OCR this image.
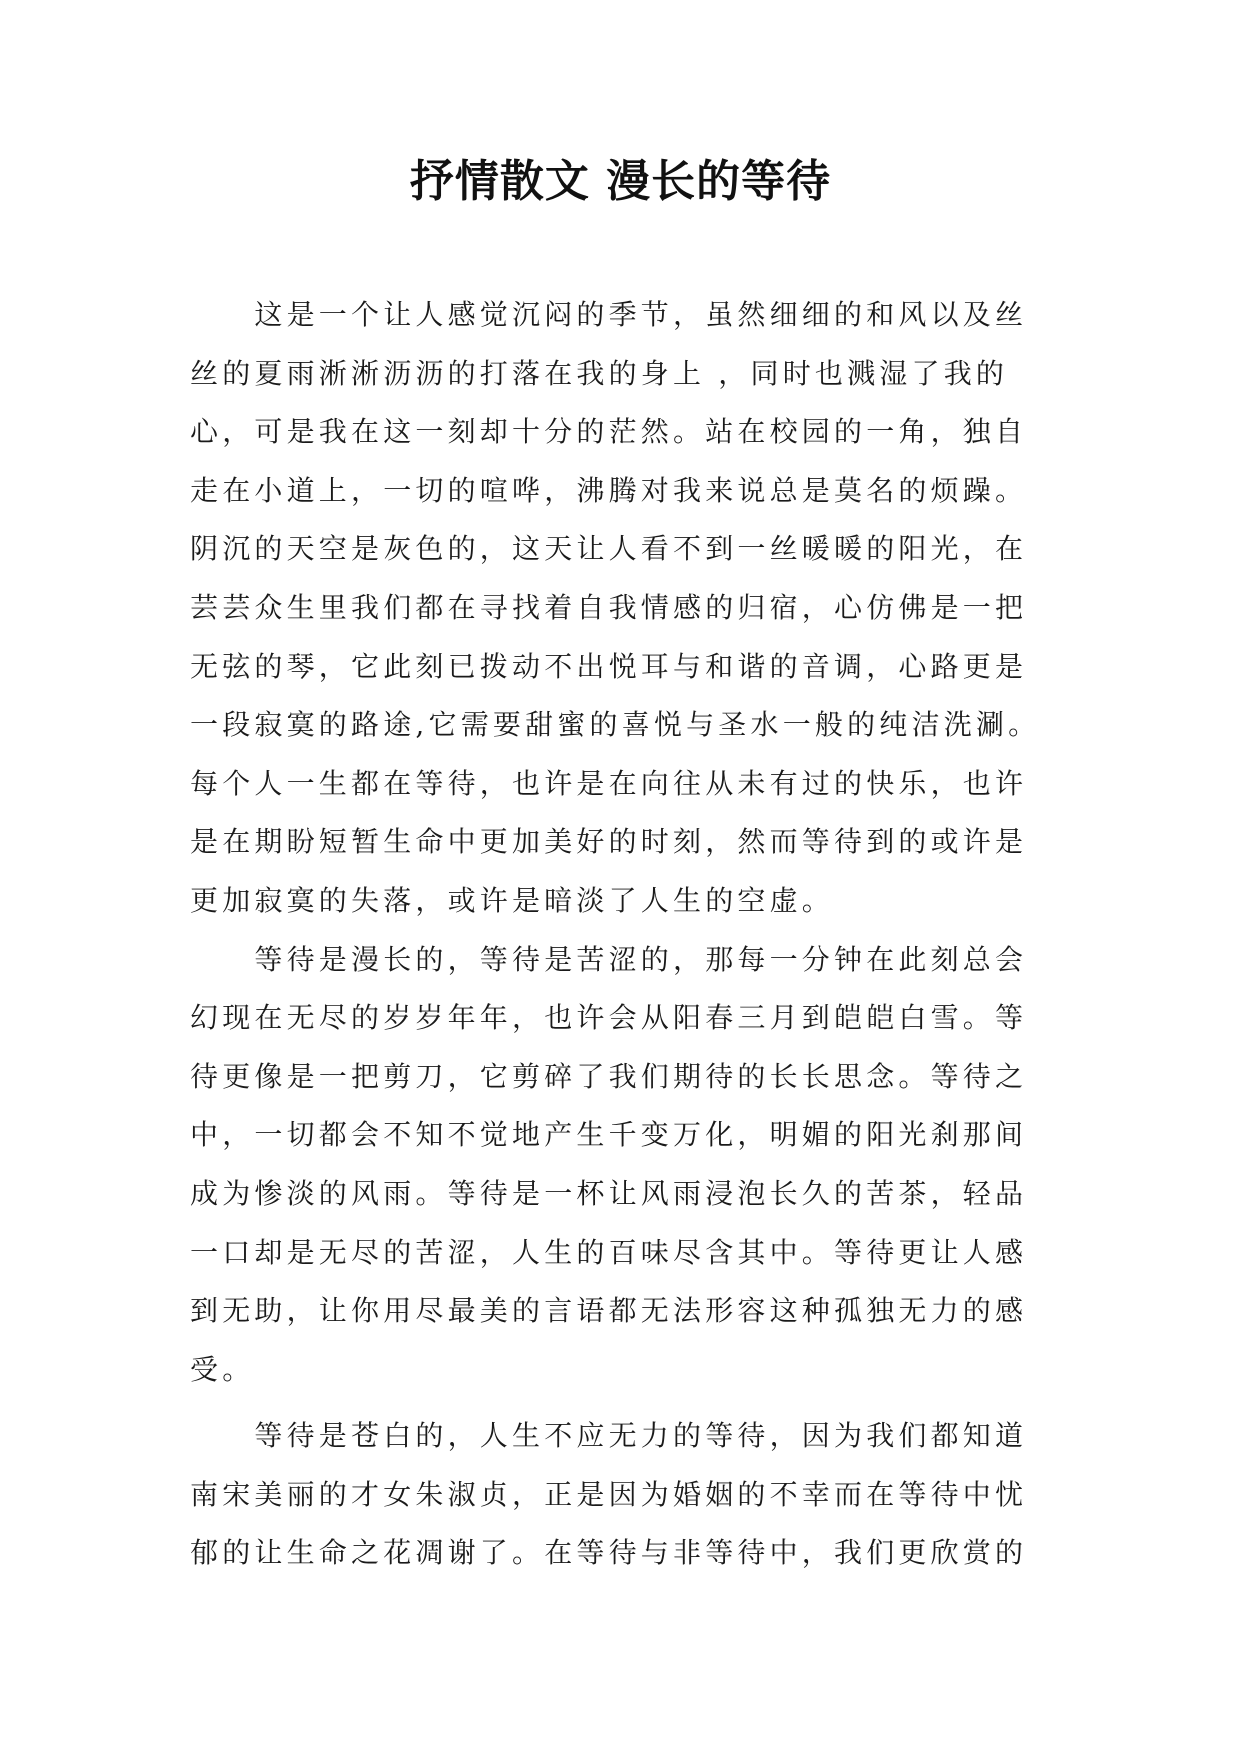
抒情散文 漫长的等待
　　这是一个让人感觉沉闷的季节，虽然细细的和风以及丝
丝的夏雨淅淅沥沥的打落在我的身上 ，同时也溅湿了我的
心，可是我在这一刻却十分的茫然。站在校园的一角，独自
走在小道上，一切的喧哗，沸腾对我来说总是莫名的烦躁。
阴沉的天空是灰色的，这天让人看不到一丝暖暖的阳光，在
芸芸众生里我们都在寻找着自我情感的归宿，心仿佛是一把
无弦的琴，它此刻已拨动不出悦耳与和谐的音调，心路更是
一段寂寞的路途,它需要甜蜜的喜悦与圣水一般的纯洁洗涮。
每个人一生都在等待，也许是在向往从未有过的快乐，也许
是在期盼短暂生命中更加美好的时刻，然而等待到的或许是
更加寂寞的失落，或许是暗淡了人生的空虚。
　　等待是漫长的，等待是苦涩的，那每一分钟在此刻总会
幻现在无尽的岁岁年年，也许会从阳春三月到皑皑白雪。等
待更像是一把剪刀，它剪碎了我们期待的长长思念。等待之
中，一切都会不知不觉地产生千变万化，明媚的阳光刹那间
成为惨淡的风雨。等待是一杯让风雨浸泡长久的苦茶，轻品
一口却是无尽的苦涩，人生的百味尽含其中。等待更让人感
到无助，让你用尽最美的言语都无法形容这种孤独无力的感
受。
　　等待是苍白的，人生不应无力的等待，因为我们都知道
南宋美丽的才女朱淑贞，正是因为婚姻的不幸而在等待中忧
郁的让生命之花凋谢了。在等待与非等待中，我们更欣赏的
